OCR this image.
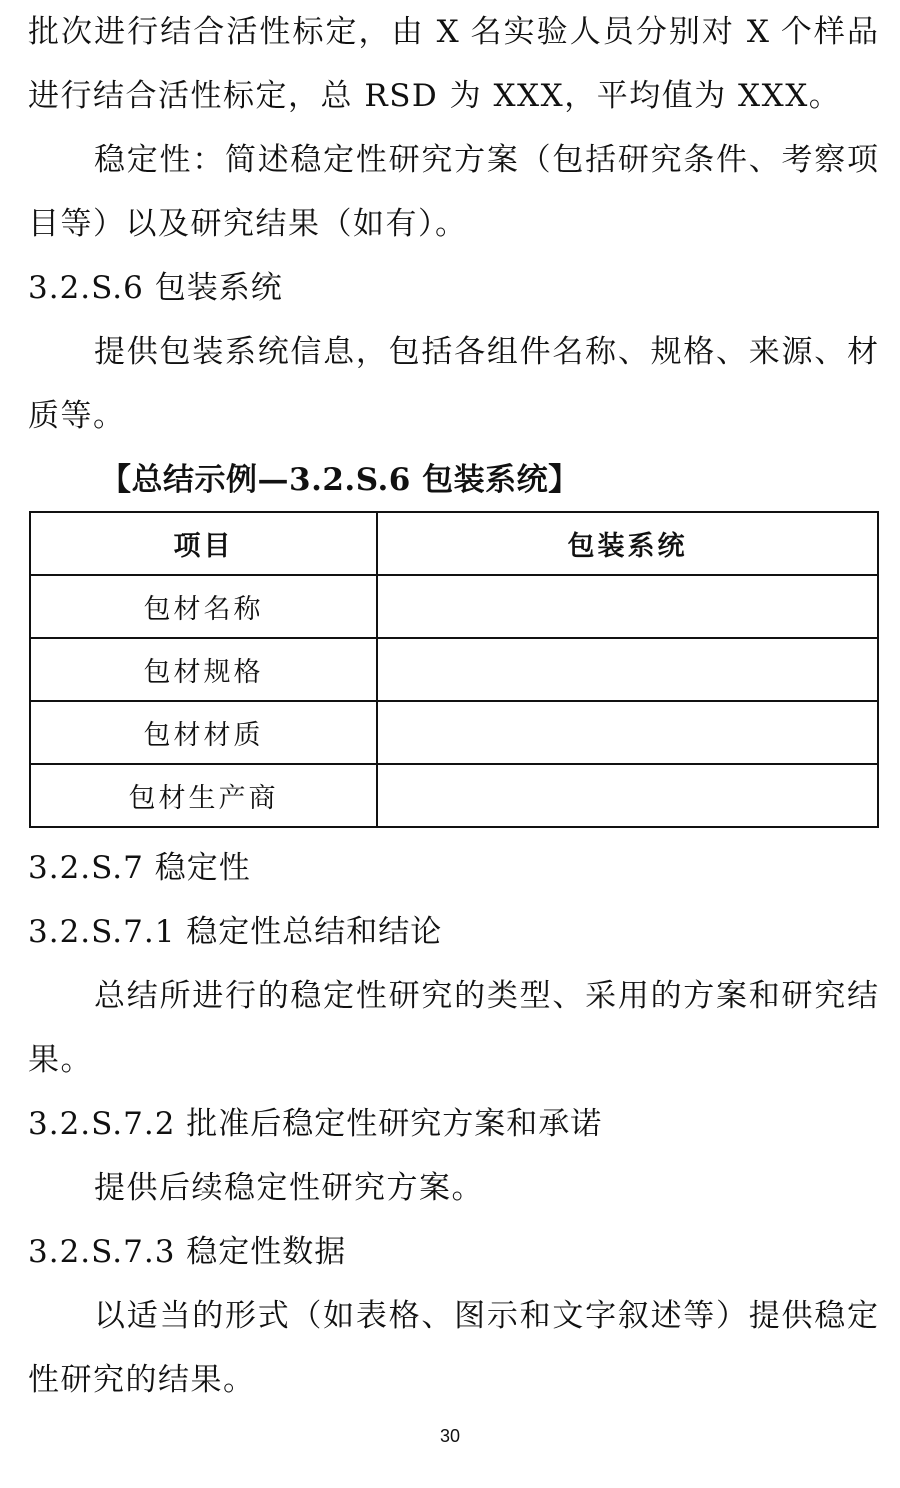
批次进行结合活性标定，由 X 名实验人员分别对 X 个样品

进行结合活性标定，总 RSD 为 XXX，平均值为 XXX。

稳定性：简述稳定性研究方案（包括研究条件、考察项

目等）以及研究结果（如有）。

3.2.S.6 包装系统

提供包装系统信息，包括各组件名称、规格、来源、材

质等。

【总结示例—3.2.S.6 包装系统】
项目	包装系统
包材名称	
包材规格	
包材材质	
包材生产商	
3.2.S.7 稳定性
3.2.S.7.1 稳定性总结和结论

总结所进行的稳定性研究的类型、采用的方案和研究结

果。

3.2.S.7.2 批准后稳定性研究方案和承诺

提供后续稳定性研究方案。

3.2.S.7.3 稳定性数据

以适当的形式（如表格、图示和文字叙述等）提供稳定

性研究的结果。

30
